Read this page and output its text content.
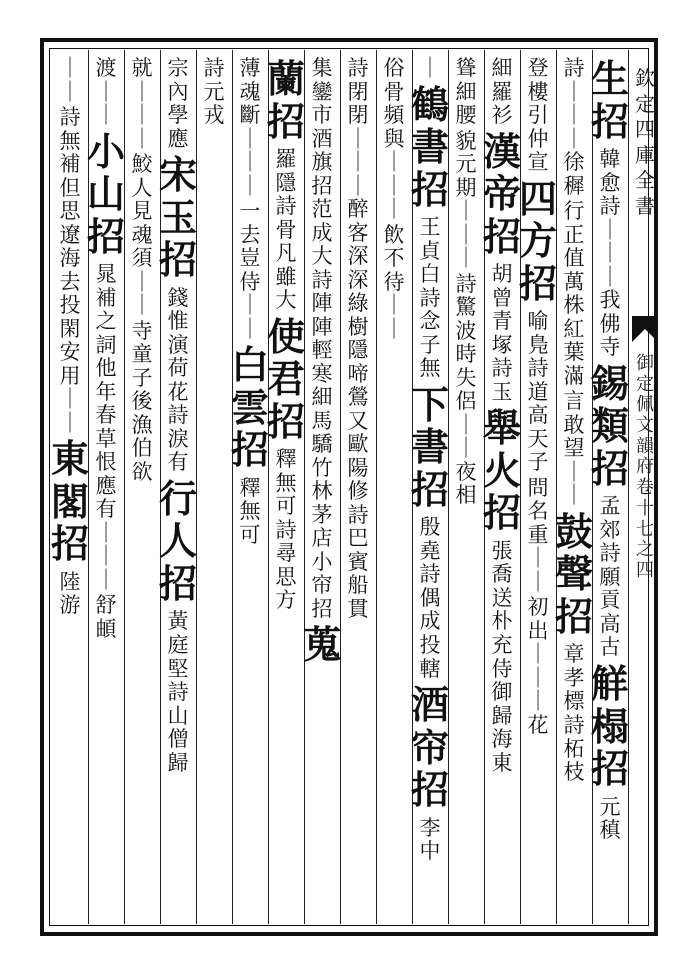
生
招
韓
愈
詩
｜
｜
｜
我
佛
寺
錫
類
招
孟
郊
詩
願
貢
高
古
觧
榻
招
元
稹
詩
｜
｜
｜
徐
穉
行
正
值
萬
株
紅
葉
滿
言
敢
望
｜
｜
鼓
聲
招
章
孝
標
詩
柘
枝
登
樓
引
仲
宣
四
方
招
喻
鳬
詩
道
高
天
子
問
名
重
｜
｜
初
出
｜
｜
｜
花
細
羅
衫
漢
帝
招
胡
曾
青
塚
詩
玉
舉
火
招
張
喬
送
朴
充
侍
御
歸
海
東
聳
細
腰
貌
元
期
｜
｜
｜
詩
驚
波
時
失
侶
｜
｜
夜
相
｜
鶴
書
招
王
貞
白
詩
念
子
無
下
書
招
殷
堯
詩
偶
成
投
轄
酒
帘
招
李
中
俗
骨
頻
與
｜
｜
｜
飲
不
待
｜
｜
詩
閉
閉
｜
｜
｜
醉
客
深
深
綠
樹
隱
啼
鶯
又
歐
陽
修
詩
巴
賓
船
貫
集
鑾
市
酒
旗
招
范
成
大
詩
陣
陣
輕
寒
細
馬
驕
竹
林
茅
店
小
帘
招
蒐
蘭
招
羅
隱
詩
骨
凡
雖
大
使
君
招
釋
無
可
詩
尋
思
方
薄
魂
斷
｜
｜
｜
一
去
豈
侍
｜
｜
白
雲
招
釋
無
可
詩
元
戎
宗
內
學
應
宋
玉
招
錢
惟
演
荷
花
詩
淚
有
行
人
招
黃
庭
堅
詩
山
僧
歸
就
｜
｜
｜
鮫
人
見
魂
須
｜
｜
寺
童
子
後
漁
伯
欲
渡
｜
｜
小
山
招
晁
補
之
詞
他
年
春
草
恨
應
有
｜
｜
｜
舒
頔
｜
｜
詩
無
補
但
思
遼
海
去
投
閑
安
用
｜
｜
東
閣
招
陸
游
欽
定
四
庫
全
書
御
定
佩
文
韻
府
卷
十
七
之
四
